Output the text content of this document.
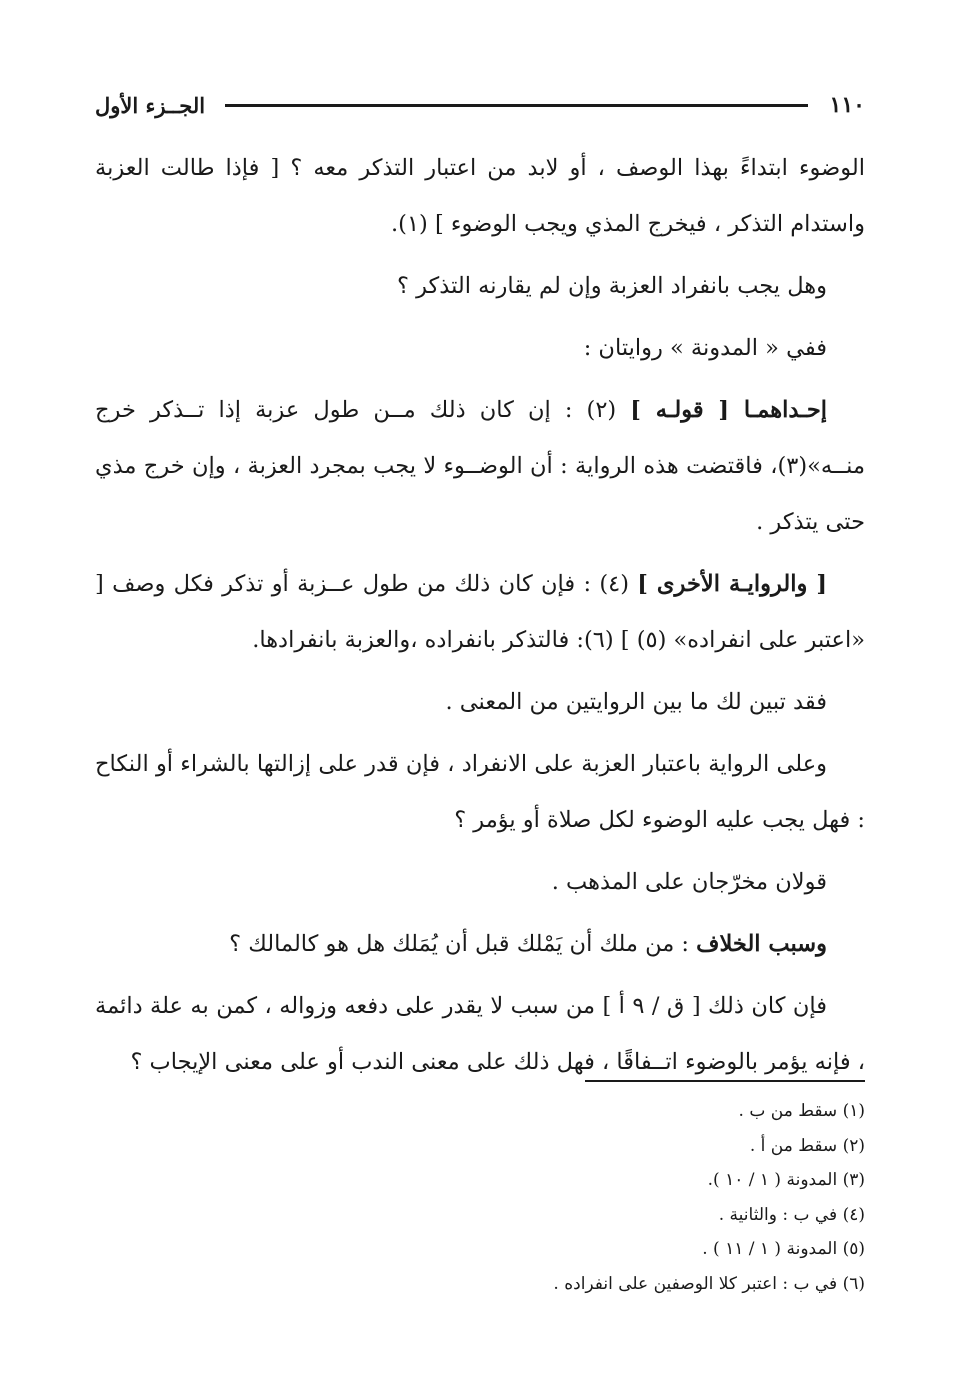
١١٠
الجــزء الأول

الوضوء ابتداءً بهذا الوصف ، أو لابد من اعتبار التذكر معه ؟ [ فإذا طالت العزبة واستدام التذكر ، فيخرج المذي ويجب الوضوء ] (١).

وهل يجب بانفراد العزبة وإن لم يقارنه التذكر ؟

ففي « المدونة » روايتان :

إحـداهمـا [ قولـه ] (٢) : إن كان ذلك مــن طول عزبة إذا تــذكر خرج منــه»(٣)، فاقتضت هذه الرواية : أن الوضــوء لا يجب بمجرد العزبة ، وإن خرج مذي حتى يتذكر .

[ والروايـة الأخرى ] (٤) : فإن كان ذلك من طول عــزبة أو تذكر فكل وصف [ «اعتبر على انفراده» (٥) ] (٦): فالتذكر بانفراده ،والعزبة بانفرادها.

فقد تبين لك ما بين الروايتين من المعنى .

وعلى الرواية باعتبار العزبة على الانفراد ، فإن قدر على إزالتها بالشراء أو النكاح : فهل يجب عليه الوضوء لكل صلاة أو يؤمر ؟

قولان مخرّجان على المذهب .

وسبب الخلاف : من ملك أن يَمْلك قبل أن يُمَلك هل هو كالمالك ؟

فإن كان ذلك [ ق / ٩ أ ] من سبب لا يقدر على دفعه وزواله ، كمن به علة دائمة ، فإنه يؤمر بالوضوء اتــفاقًا ، فهل ذلك على معنى الندب أو على معنى الإيجاب ؟

(١) سقط من ب .
(٢) سقط من أ .
(٣) المدونة ( ١ / ١٠ ).
(٤) في ب : والثانية .
(٥) المدونة ( ١ / ١١ ) .
(٦) في ب : اعتبر كلا الوصفين على انفراده .
